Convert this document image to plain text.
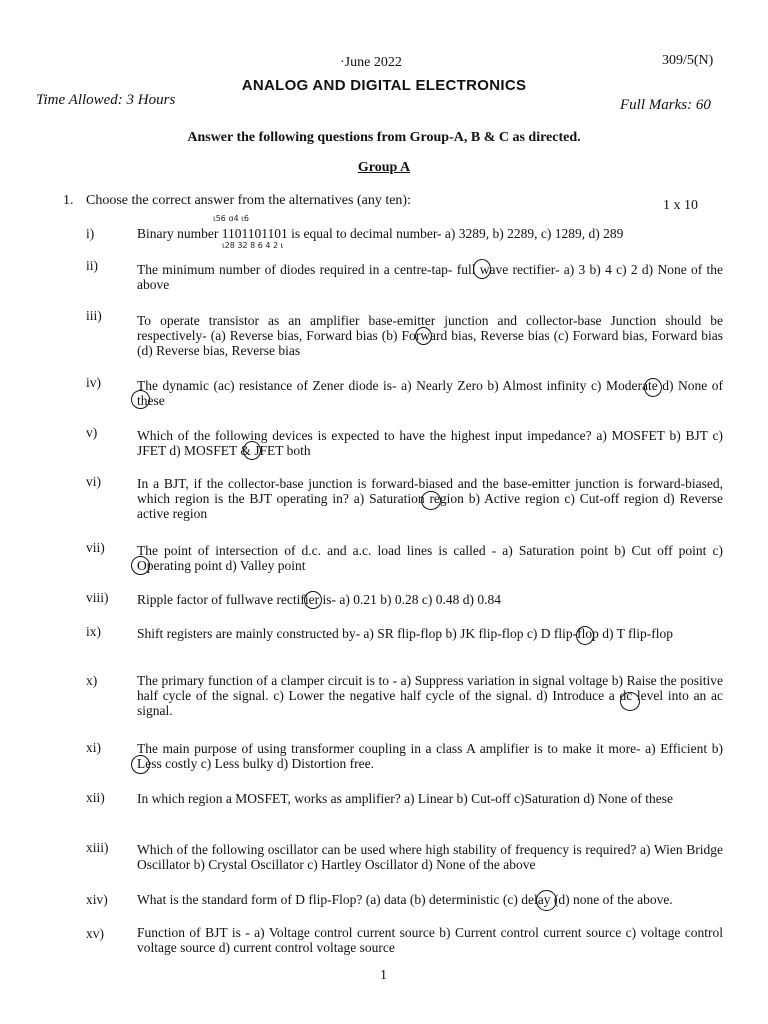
·June 2022	309/5(N)
ANALOG AND DIGITAL ELECTRONICS
Time Allowed: 3 Hours	Full Marks: 60
Answer the following questions from Group-A, B & C as directed.
Group A
1. Choose the correct answer from the alternatives (any ten):	1 x 10
ɩ56 ɑ4 ɩ6
ɩ28 32 8 6 4 2 ɩ
i)	Binary number 1101101101 is equal to decimal number- a) 3289, b) 2289, c) 1289, d) 289
ii)	The minimum number of diodes required in a centre-tap- full wave rectifier- a) 3 b) 4 c) 2 d) None of the above
iii)	To operate transistor as an amplifier base-emitter junction and collector-base Junction should be respectively- (a) Reverse bias, Forward bias (b) Forward bias, Reverse bias (c) Forward bias, Forward bias (d) Reverse bias, Reverse bias
iv)	The dynamic (ac) resistance of Zener diode is- a) Nearly Zero b) Almost infinity c) Moderate d) None of these
v)	Which of the following devices is expected to have the highest input impedance? a) MOSFET b) BJT c) JFET d) MOSFET & JFET both
vi)	In a BJT, if the collector-base junction is forward-biased and the base-emitter junction is forward-biased, which region is the BJT operating in? a) Saturation region b) Active region c) Cut-off region d) Reverse active region
vii) The point of intersection of d.c. and a.c. load lines is called - a) Saturation point b) Cut off point c) Operating point d) Valley point
viii) Ripple factor of fullwave rectifier is- a) 0.21 b) 0.28 c) 0.48 d) 0.84
ix)	Shift registers are mainly constructed by- a) SR flip-flop b) JK flip-flop c) D flip-flop d) T flip-flop
x)	The primary function of a clamper circuit is to - a) Suppress variation in signal voltage b) Raise the positive half cycle of the signal. c) Lower the negative half cycle of the signal. d) Introduce a dc level into an ac signal.
xi)	The main purpose of using transformer coupling in a class A amplifier is to make it more- a) Efficient b) Less costly c) Less bulky d) Distortion free.
xii) In which region a MOSFET, works as amplifier? a) Linear b) Cut-off c)Saturation d) None of these
xiii) Which of the following oscillator can be used where high stability of frequency is required? a) Wien Bridge Oscillator b) Crystal Oscillator c) Hartley Oscillator d) None of the above
xiv) What is the standard form of D flip-Flop? (a) data (b) deterministic (c) delay (d) none of the above.
xv) Function of BJT is - a) Voltage control current source b) Current control current source c) voltage control voltage source d) current control voltage source
1
